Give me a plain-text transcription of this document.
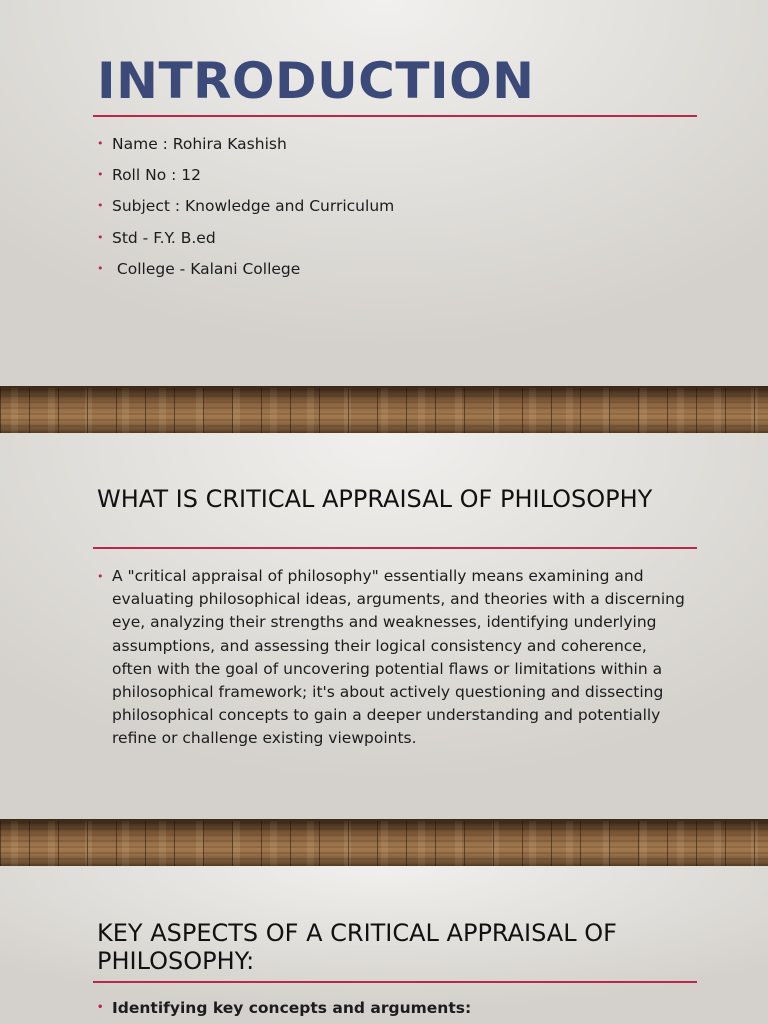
INTRODUCTION
• Name : Rohira Kashish
• Roll No : 12
• Subject : Knowledge and Curriculum
• Std - F.Y. B.ed
• College - Kalani College
WHAT IS CRITICAL APPRAISAL OF PHILOSOPHY
• A "critical appraisal of philosophy" essentially means examining and evaluating philosophical ideas, arguments, and theories with a discerning eye, analyzing their strengths and weaknesses, identifying underlying assumptions, and assessing their logical consistency and coherence, often with the goal of uncovering potential flaws or limitations within a philosophical framework; it's about actively questioning and dissecting philosophical concepts to gain a deeper understanding and potentially refine or challenge existing viewpoints.
KEY ASPECTS OF A CRITICAL APPRAISAL OF
PHILOSOPHY:
• Identifying key concepts and arguments:
